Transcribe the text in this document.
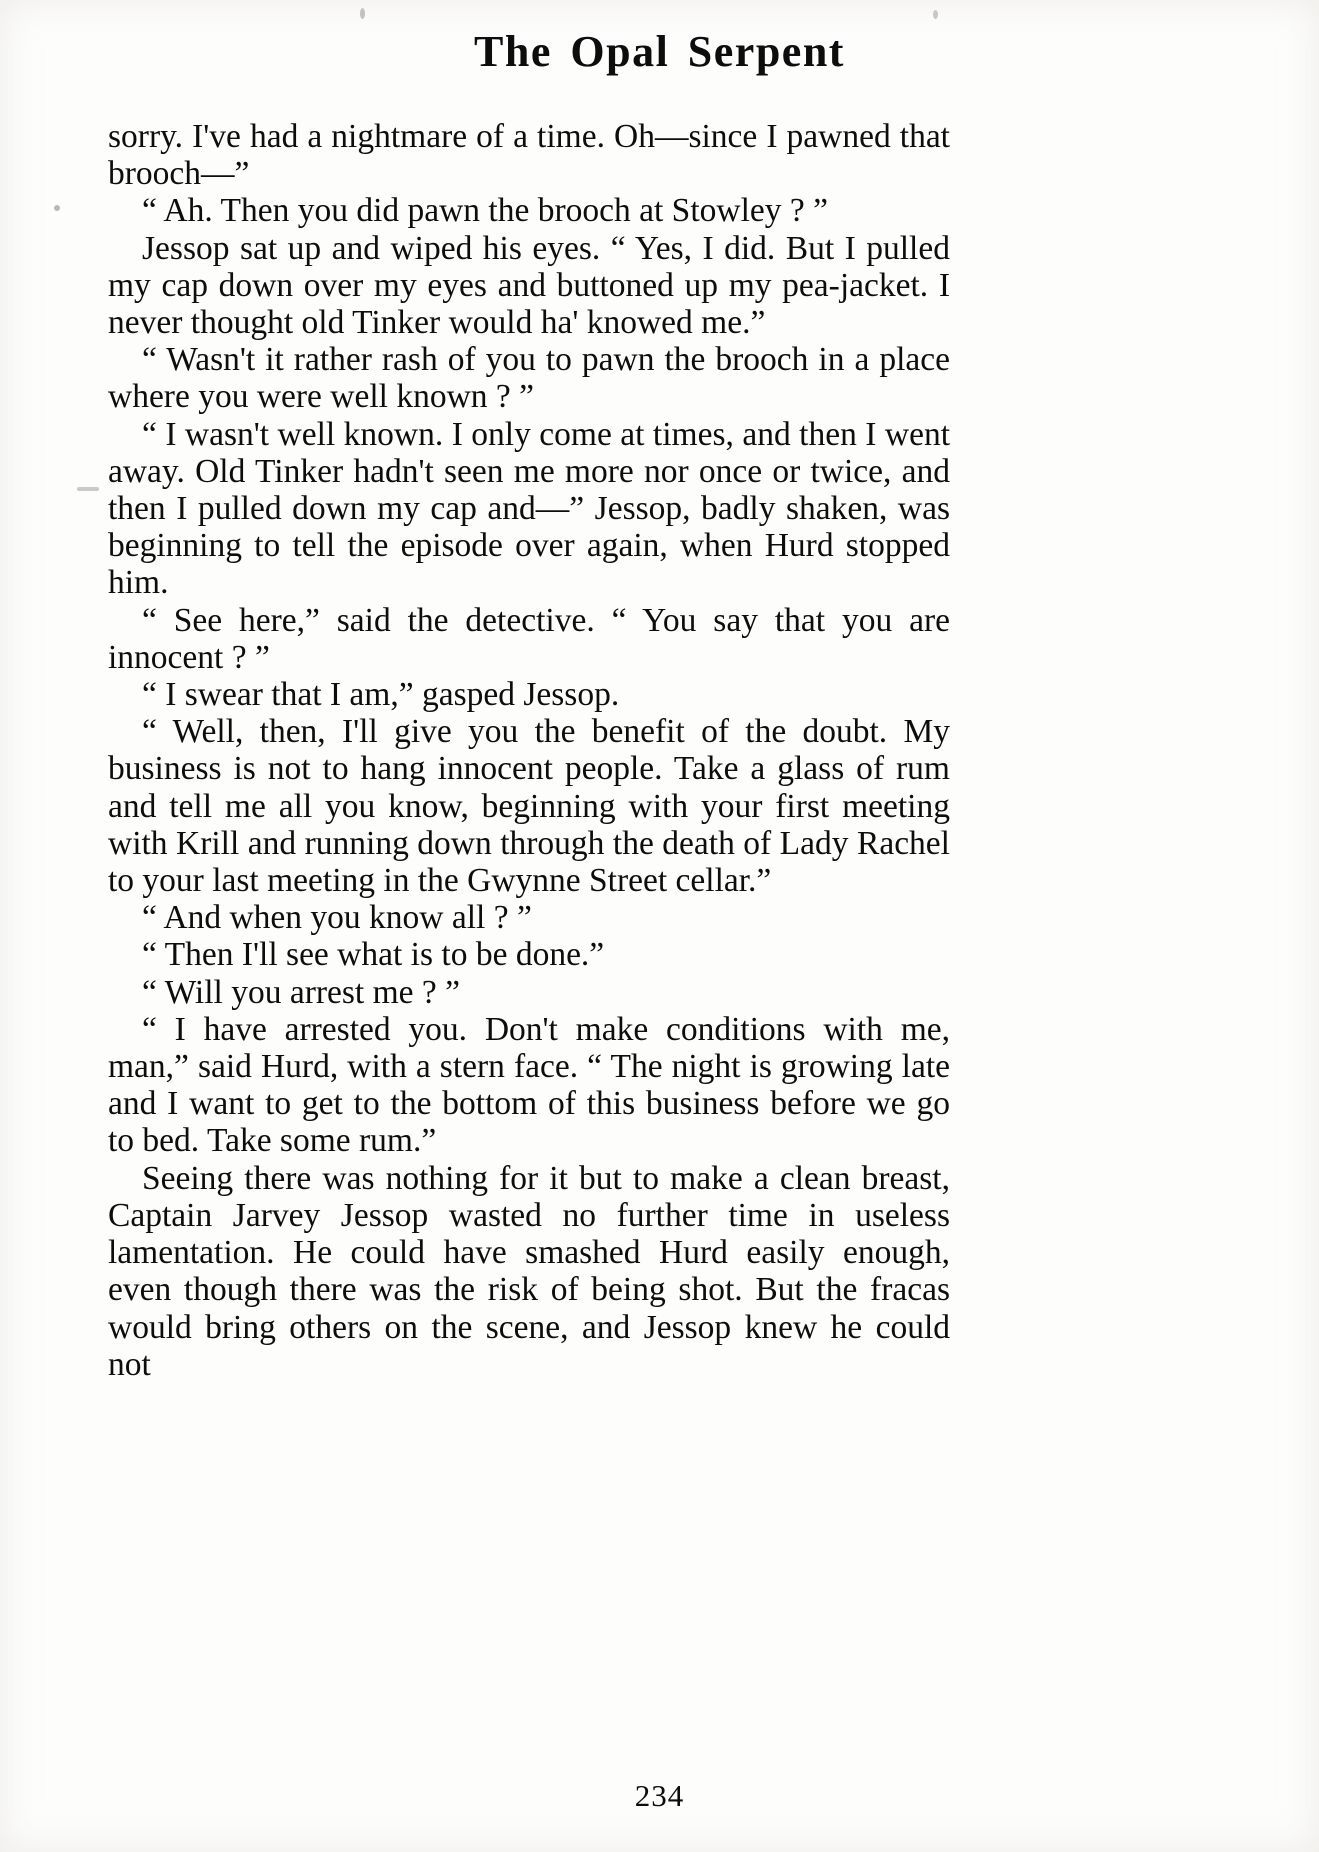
The Opal Serpent

sorry. I've had a nightmare of a time. Oh—since I pawned that brooch—”

“ Ah. Then you did pawn the brooch at Stowley ? ”

Jessop sat up and wiped his eyes. “ Yes, I did. But I pulled my cap down over my eyes and buttoned up my pea-jacket. I never thought old Tinker would ha' knowed me.”

“ Wasn't it rather rash of you to pawn the brooch in a place where you were well known ? ”

“ I wasn't well known. I only come at times, and then I went away. Old Tinker hadn't seen me more nor once or twice, and then I pulled down my cap and—” Jessop, badly shaken, was beginning to tell the episode over again, when Hurd stopped him.

“ See here,” said the detective. “ You say that you are innocent ? ”

“ I swear that I am,” gasped Jessop.

“ Well, then, I'll give you the benefit of the doubt. My business is not to hang innocent people. Take a glass of rum and tell me all you know, beginning with your first meeting with Krill and running down through the death of Lady Rachel to your last meeting in the Gwynne Street cellar.”

“ And when you know all ? ”

“ Then I'll see what is to be done.”

“ Will you arrest me ? ”

“ I have arrested you. Don't make conditions with me, man,” said Hurd, with a stern face. “ The night is growing late and I want to get to the bottom of this business before we go to bed. Take some rum.”

Seeing there was nothing for it but to make a clean breast, Captain Jarvey Jessop wasted no further time in useless lamentation. He could have smashed Hurd easily enough, even though there was the risk of being shot. But the fracas would bring others on the scene, and Jessop knew he could not

234
